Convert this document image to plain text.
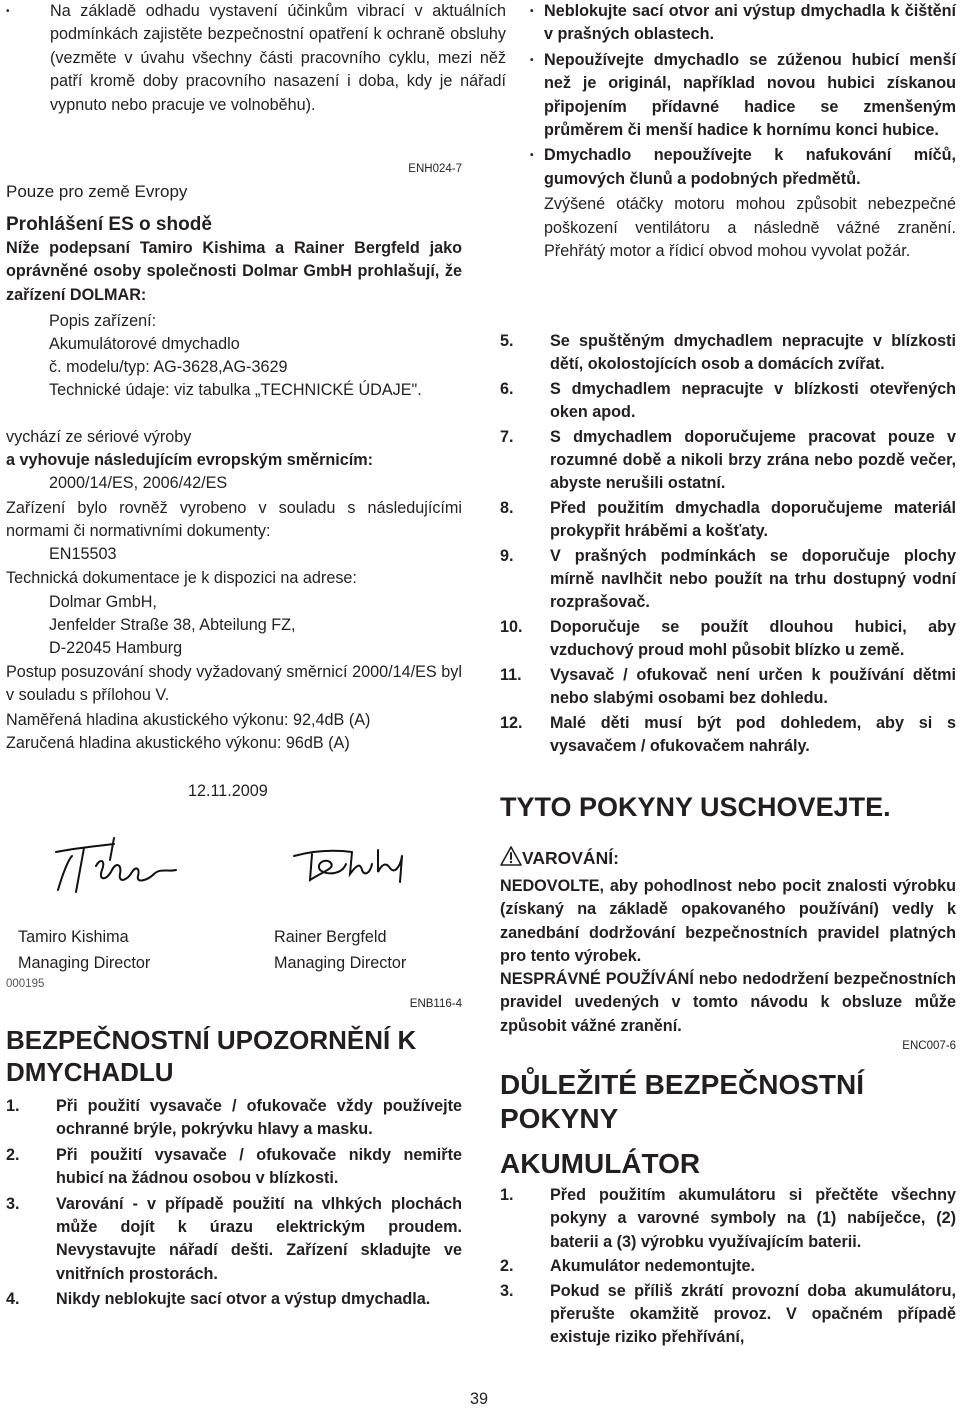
•	Na základě odhadu vystavení účinkům vibrací v aktuálních podmínkách zajistěte bezpečnostní opatření k ochraně obsluhy (vezměte v úvahu všechny části pracovního cyklu, mezi něž patří kromě doby pracovního nasazení i doba, kdy je nářadí vypnuto nebo pracuje ve volnoběhu).
ENH024-7
Pouze pro země Evropy
Prohlášení ES o shodě
Níže podepsaní Tamiro Kishima a Rainer Bergfeld jako oprávněné osoby společnosti Dolmar GmbH prohlašují, že zařízení DOLMAR:
Popis zařízení:
Akumulátorové dmychadlo
č. modelu/typ: AG-3628,AG-3629
Technické údaje: viz tabulka „TECHNICKÉ ÚDAJE".
vychází ze sériové výroby
a vyhovuje následujícím evropským směrnicím:
2000/14/ES, 2006/42/ES
Zařízení bylo rovněž vyrobeno v souladu s následujícími normami či normativními dokumenty:
EN15503
Technická dokumentace je k dispozici na adrese:
Dolmar GmbH,
Jenfelder Straße 38, Abteilung FZ,
D-22045 Hamburg
Postup posuzování shody vyžadovaný směrnicí 2000/14/ES byl v souladu s přílohou V.
Naměřená hladina akustického výkonu: 92,4dB (A)
Zaručená hladina akustického výkonu: 96dB (A)
12.11.2009
Tamiro Kishima
Managing Director
Rainer Bergfeld
Managing Director
000195
ENB116-4
BEZPEČNOSTNÍ UPOZORNĚNÍ K DMYCHADLU
1.	Při použití vysavače / ofukovače vždy používejte ochranné brýle, pokrývku hlavy a masku.
2.	Při použití vysavače / ofukovače nikdy nemiřte hubicí na žádnou osobou v blízkosti.
3.	Varování - v případě použití na vlhkých plochách může dojít k úrazu elektrickým proudem. Nevystavujte nářadí dešti. Zařízení skladujte ve vnitřních prostorách.
4.	Nikdy neblokujte sací otvor a výstup dmychadla.
• Neblokujte sací otvor ani výstup dmychadla k čištění v prašných oblastech.
• Nepoužívejte dmychadlo se zúženou hubicí menší než je originál, například novou hubici získanou připojením přídavné hadice se zmenšeným průměrem či menší hadice k hornímu konci hubice.
• Dmychadlo nepoužívejte k nafukování míčů, gumových člunů a podobných předmětů.
Zvýšené otáčky motoru mohou způsobit nebezpečné poškození ventilátoru a následně vážné zranění. Přehřátý motor a řídicí obvod mohou vyvolat požár.
5.	Se spuštěným dmychadlem nepracujte v blízkosti dětí, okolostojících osob a domácích zvířat.
6.	S dmychadlem nepracujte v blízkosti otevřených oken apod.
7.	S dmychadlem doporučujeme pracovat pouze v rozumné době a nikoli brzy zrána nebo pozdě večer, abyste nerušili ostatní.
8.	Před použitím dmychadla doporučujeme materiál prokypřit hráběmi a košťaty.
9.	V prašných podmínkách se doporučuje plochy mírně navlhčit nebo použít na trhu dostupný vodní rozprašovač.
10.	Doporučuje se použít dlouhou hubici, aby vzduchový proud mohl působit blízko u země.
11.	Vysavač / ofukovač není určen k používání dětmi nebo slabými osobami bez dohledu.
12.	Malé děti musí být pod dohledem, aby si s vysavačem / ofukovačem nahrály.
TYTO POKYNY USCHOVEJTE.
VAROVÁNÍ:
NEDOVOLTE, aby pohodlnost nebo pocit znalosti výrobku (získaný na základě opakovaného používání) vedly k zanedbání dodržování bezpečnostních pravidel platných pro tento výrobek.
NESPRÁVNÉ POUŽÍVÁNÍ nebo nedodržení bezpečnostních pravidel uvedených v tomto návodu k obsluze může způsobit vážné zranění.
ENC007-6
DŮLEŽITÉ BEZPEČNOSTNÍ POKYNY
AKUMULÁTOR
1.	Před použitím akumulátoru si přečtěte všechny pokyny a varovné symboly na (1) nabíječce, (2) baterii a (3) výrobku využívajícím baterii.
2.	Akumulátor nedemontujte.
3.	Pokud se příliš zkrátí provozní doba akumulátoru, přerušte okamžitě provoz. V opačném případě existuje riziko přehřívání,
39
